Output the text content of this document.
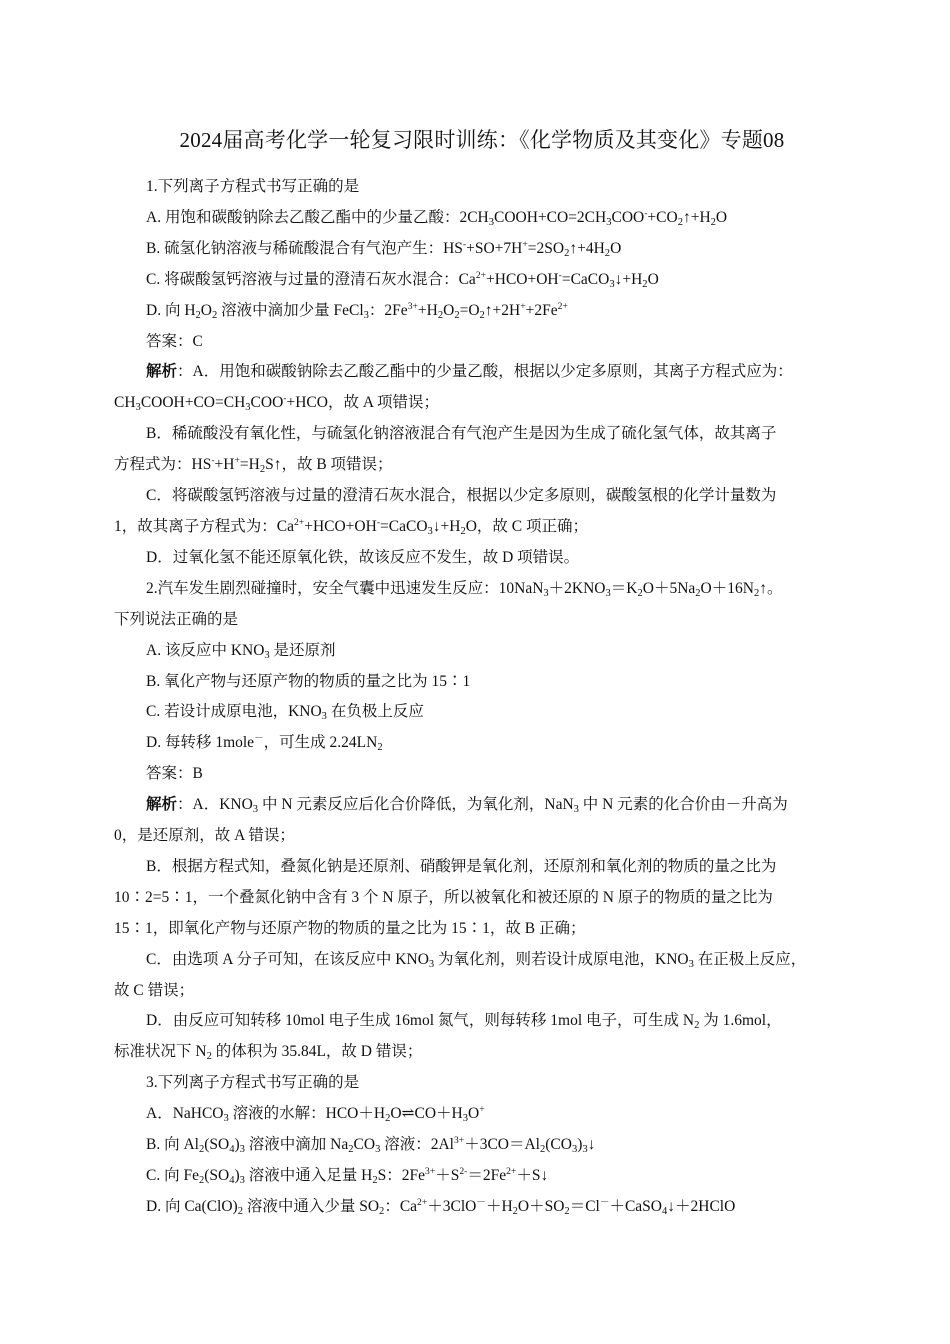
2024届高考化学一轮复习限时训练：《化学物质及其变化》专题08
1.下列离子方程式书写正确的是
A. 用饱和碳酸钠除去乙酸乙酯中的少量乙酸：$2CH_3COOH+CO=2CH_3COO^-+CO_2↑+H_2O$
B. 硫氢化钠溶液与稀硫酸混合有气泡产生：$HS^-+SO+7H^+=2SO_2↑+4H_2O$
C. 将碳酸氢钙溶液与过量的澄清石灰水混合：$Ca^{2+}+HCO+OH^-=CaCO_3↓+H_2O$
D. 向 $H_2O_2$ 溶液中滴加少量 FeCl$_3$：$2Fe^{3+}+H_2O_2=O_2↑+2H^++2Fe^{2+}$
答案：C
解析：A．用饱和碳酸钠除去乙酸乙酯中的少量乙酸，根据以少定多原则，其离子方程式应为：
$CH_3COOH+CO=CH_3COO^-+HCO$，故 A 项错误；
B．稀硫酸没有氧化性，与硫氢化钠溶液混合有气泡产生是因为生成了硫化氢气体，故其离子
方程式为：$HS^-+H^+=H_2S↑$，故 B 项错误；
C．将碳酸氢钙溶液与过量的澄清石灰水混合，根据以少定多原则，碳酸氢根的化学计量数为
1，故其离子方程式为：$Ca^{2+}+HCO+OH^-=CaCO_3↓+H_2O$，故 C 项正确；
D．过氧化氢不能还原氧化铁，故该反应不发生，故 D 项错误。
2.汽车发生剧烈碰撞时，安全气囊中迅速发生反应：$10NaN_3+2KNO_3=K_2O+5Na_2O+16N_2↑$。
下列说法正确的是
A. 该反应中 $KNO_3$ 是还原剂
B. 氧化产物与还原产物的物质的量之比为 15∶1
C. 若设计成原电池，$KNO_3$ 在负极上反应
D. 每转移 1mole－，可生成 $2.24LN_2$
答案：B
解析：A．$KNO_3$ 中 N 元素反应后化合价降低，为氧化剂，NaN$_3$ 中 N 元素的化合价由－升高为
0，是还原剂，故 A 错误；
B．根据方程式知，叠氮化钠是还原剂、硝酸钾是氧化剂，还原剂和氧化剂的物质的量之比为
10∶2=5∶1，一个叠氮化钠中含有 3 个 N 原子，所以被氧化和被还原的 N 原子的物质的量之比为
15∶1，即氧化产物与还原产物的物质的量之比为 15∶1，故 B 正确；
C．由选项 A 分子可知，在该反应中 $KNO_3$ 为氧化剂，则若设计成原电池，$KNO_3$ 在正极上反应，
故 C 错误；
D．由反应可知转移 10mol 电子生成 16mol 氮气，则每转移 1mol 电子，可生成 $N_2$ 为 1.6mol，
标准状况下 $N_2$ 的体积为 35.84L，故 D 错误；
3.下列离子方程式书写正确的是
A．NaHCO$_3$ 溶液的水解：$HCO+H_2O\rightleftharpoons CO+H_3O^+$
B. 向 $Al_2(SO_4)_3$ 溶液中滴加 $Na_2CO_3$ 溶液：$2Al^{3+}+3CO=Al_2(CO_3)_3↓$
C. 向 $Fe_2(SO_4)_3$ 溶液中通入足量 $H_2S$：$2Fe^{3+}+S^{2-}=2Fe^{2+}+S↓$
D. 向 $Ca(ClO)_2$ 溶液中通入少量 $SO_2$：$Ca^{2+}+3ClO^-+H_2O+SO_2=Cl^-+CaSO_4↓+2HClO$
